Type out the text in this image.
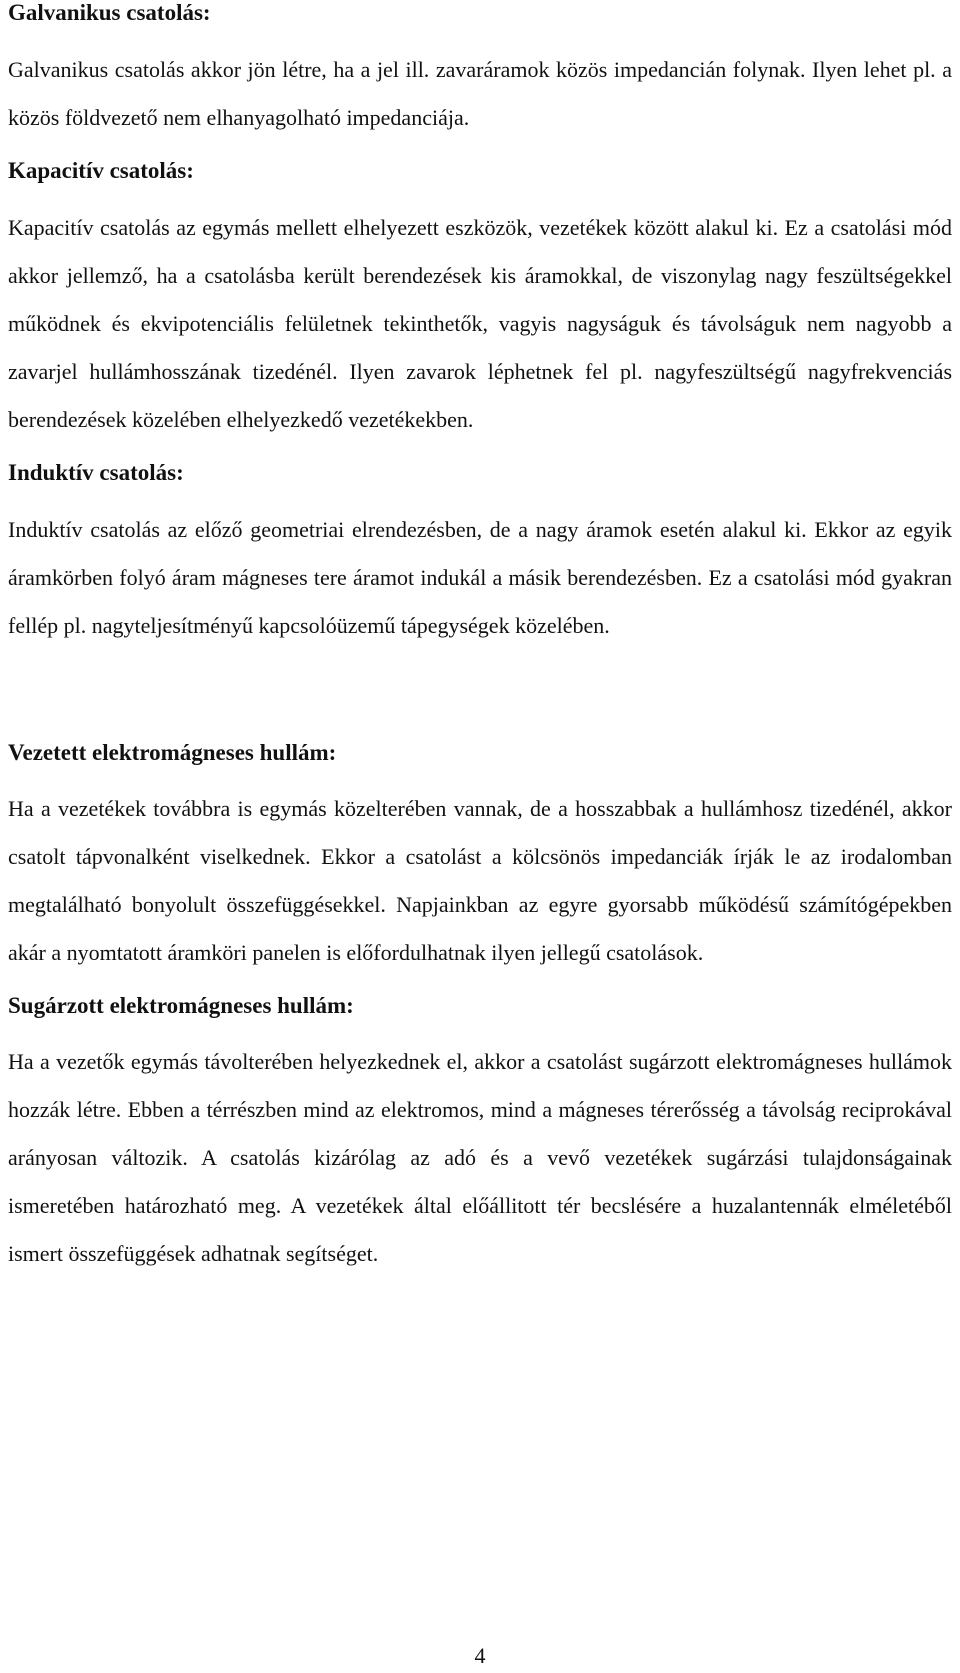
Galvanikus csatolás:

Galvanikus csatolás akkor jön létre, ha a jel ill. zavaráramok közös impedancián folynak. Ilyen lehet pl. a közös földvezető nem elhanyagolható impedanciája.

Kapacitív csatolás:

Kapacitív csatolás az egymás mellett elhelyezett eszközök, vezetékek között alakul ki. Ez a csatolási mód akkor jellemző, ha a csatolásba került berendezések kis áramokkal, de viszonylag nagy feszültségekkel működnek és ekvipotenciális felületnek tekinthetők, vagyis nagyságuk és távolságuk nem nagyobb a zavarjel hullámhosszának tizedénél. Ilyen zavarok léphetnek fel pl. nagyfeszültségű nagyfrekvenciás berendezések közelében elhelyezkedő vezetékekben.

Induktív csatolás:

Induktív csatolás az előző geometriai elrendezésben, de a nagy áramok esetén alakul ki. Ekkor az egyik áramkörben folyó áram mágneses tere áramot indukál a másik berendezésben. Ez a csatolási mód gyakran fellép pl. nagyteljesítményű kapcsolóüzemű tápegységek közelében.

Vezetett elektromágneses hullám:

Ha a vezetékek továbbra is egymás közelterében vannak, de a hosszabbak a hullámhosz tizedénél, akkor csatolt tápvonalként viselkednek. Ekkor a csatolást a kölcsönös impedanciák írják le az irodalomban megtalálható bonyolult összefüggésekkel. Napjainkban az egyre gyorsabb működésű számítógépekben akár a nyomtatott áramköri panelen is előfordulhatnak ilyen jellegű csatolások.

Sugárzott elektromágneses hullám:

Ha a vezetők egymás távolterében helyezkednek el, akkor a csatolást sugárzott elektromágneses hullámok hozzák létre. Ebben a térrészben mind az elektromos, mind a mágneses térerősség a távolság reciprokával arányosan változik. A csatolás kizárólag az adó és a vevő vezetékek sugárzási tulajdonságainak ismeretében határozható meg. A vezetékek által előállitott tér becslésére a huzalantennák elméletéből ismert összefüggések adhatnak segítséget.

4
